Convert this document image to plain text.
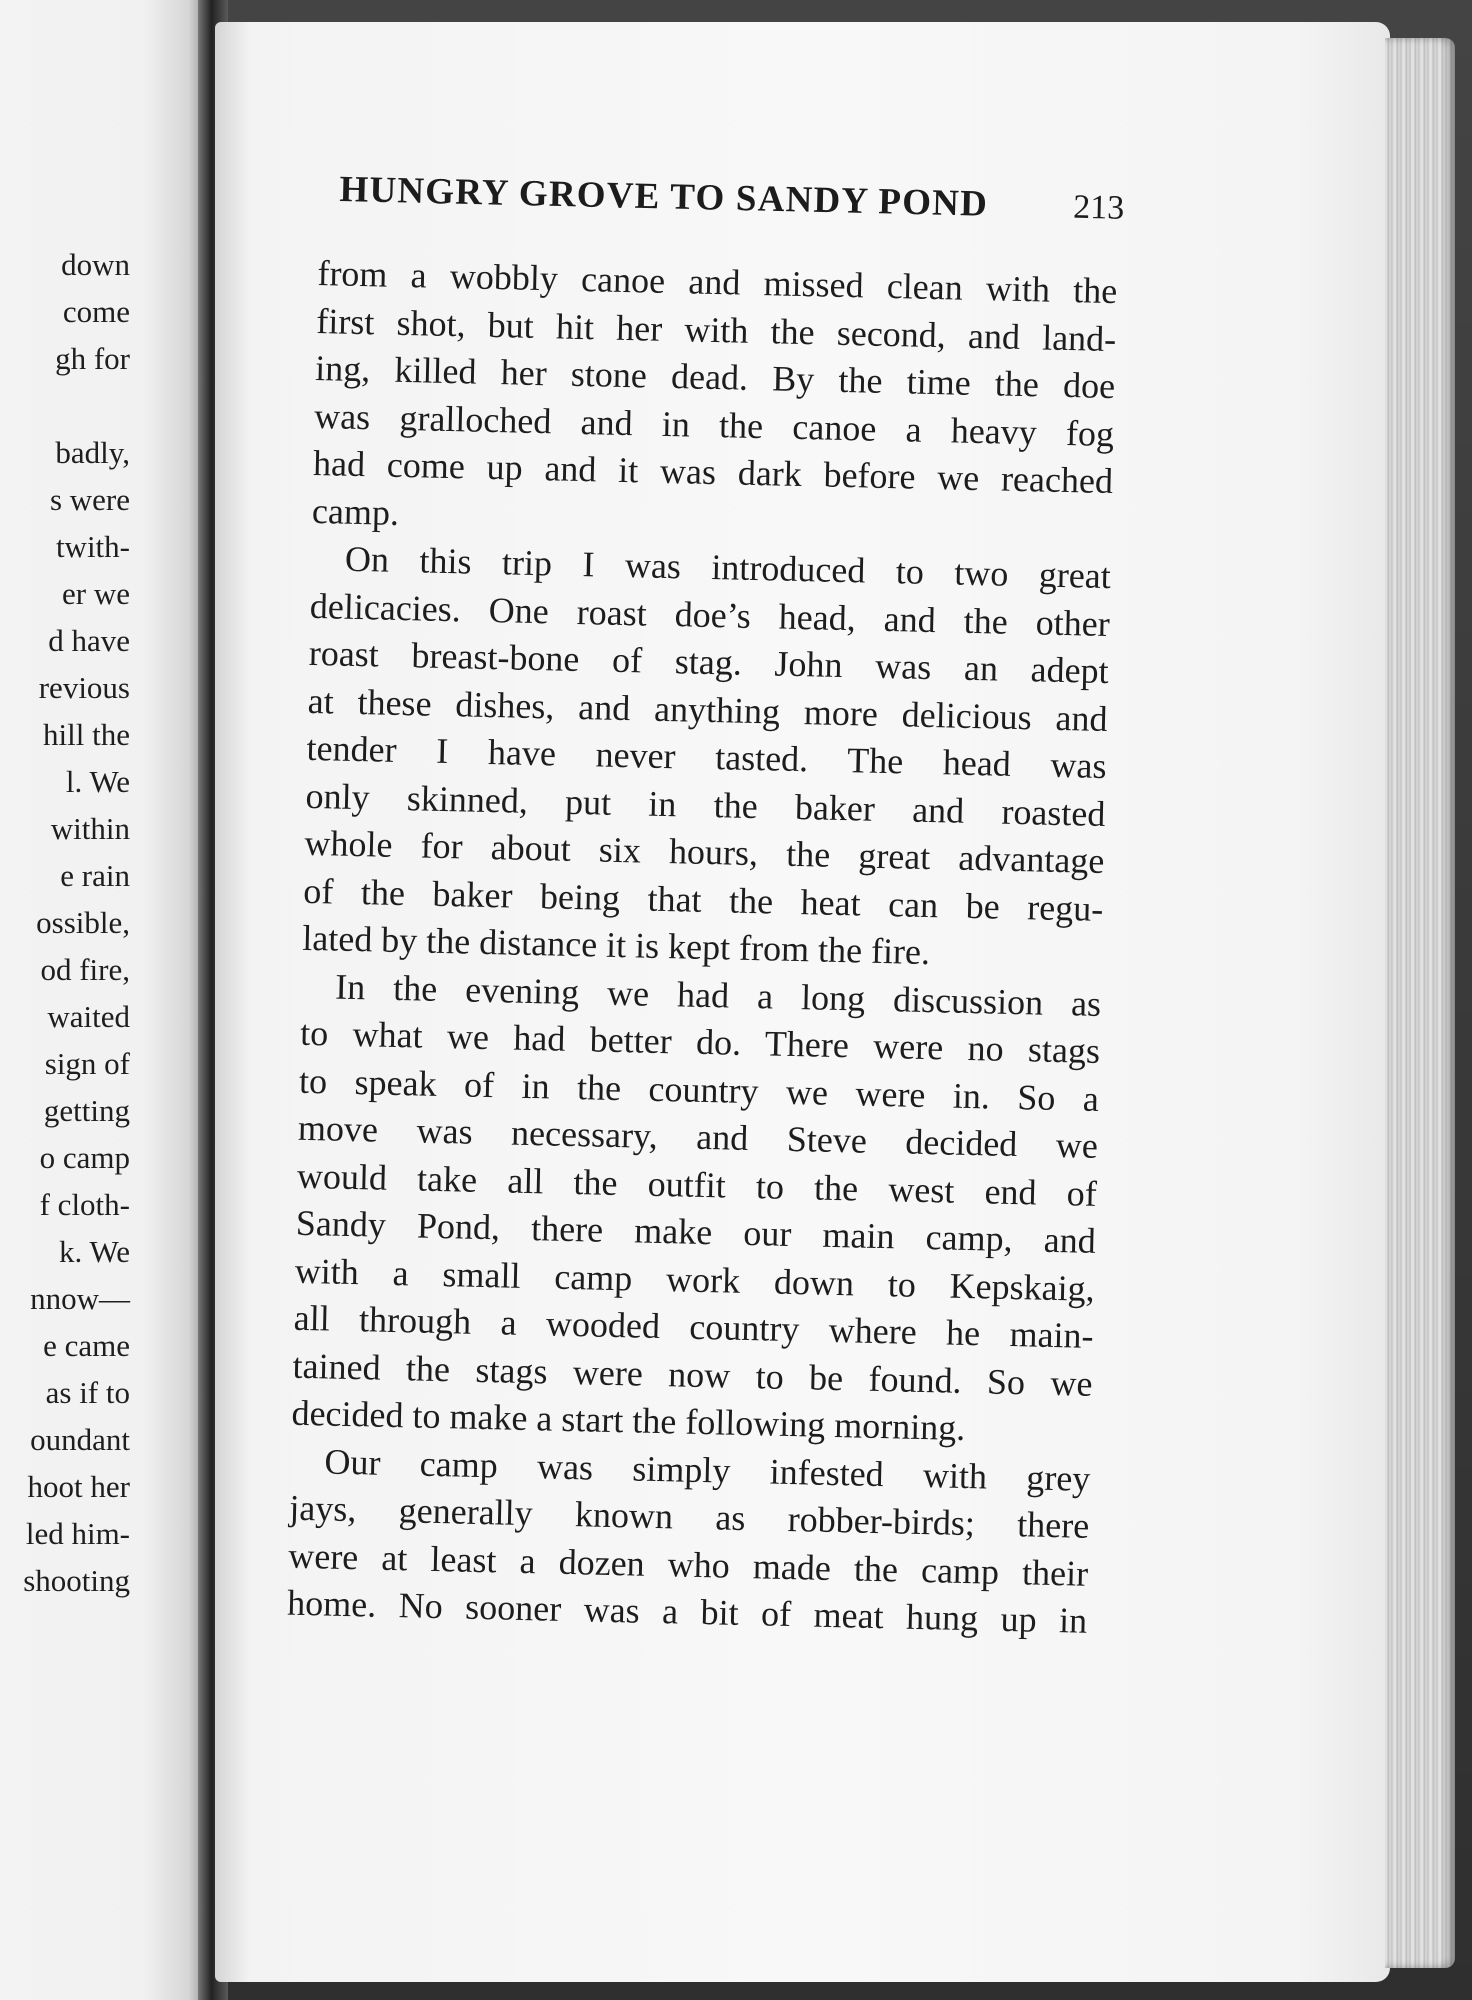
down
come
gh for
badly,
s were
twith-
er we
d have
revious
hill the
l. We
within
e rain
ossible,
od fire,
waited
sign of
getting
o camp
f cloth-
k. We
nnow—
e came
as if to
oundant
hoot her
led him-
shooting
HUNGRY GROVE TO SANDY POND 213
from a wobbly canoe and missed clean with the
first shot, but hit her with the second, and land-
ing, killed her stone dead. By the time the doe
was gralloched and in the canoe a heavy fog
had come up and it was dark before we reached
camp.
On this trip I was introduced to two great
delicacies. One roast doe’s head, and the other
roast breast-bone of stag. John was an adept
at these dishes, and anything more delicious and
tender I have never tasted. The head was
only skinned, put in the baker and roasted
whole for about six hours, the great advantage
of the baker being that the heat can be regu-
lated by the distance it is kept from the fire.
In the evening we had a long discussion as
to what we had better do. There were no stags
to speak of in the country we were in. So a
move was necessary, and Steve decided we
would take all the outfit to the west end of
Sandy Pond, there make our main camp, and
with a small camp work down to Kepskaig,
all through a wooded country where he main-
tained the stags were now to be found. So we
decided to make a start the following morning.
Our camp was simply infested with grey
jays, generally known as robber-birds; there
were at least a dozen who made the camp their
home. No sooner was a bit of meat hung up in
